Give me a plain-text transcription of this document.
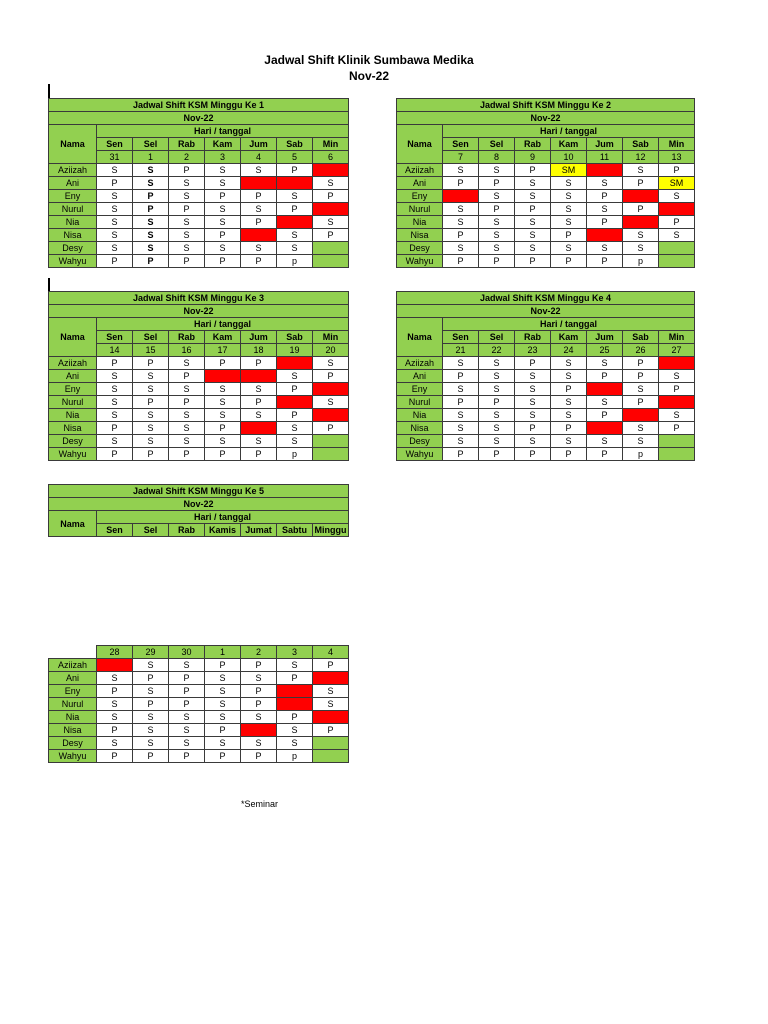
Jadwal Shift Klinik Sumbawa Medika
Nov-22
Jadwal Shift KSM Minggu Ke 1							
Nov-22							
Nama	Hari / tanggal						
	Sen	Sel	Rab	Kam	Jum	Sab	Min
	31	1	2	3	4	5	6
Aziizah	S	S	P	S	S	P	
Ani	P	S	S	S			S
Eny	S	P	S	P	P	S	P
Nurul	S	P	P	S	S	P	
Nia	S	S	S	S	P		S
Nisa	S	S	S	P		S	P
Desy	S	S	S	S	S	S	
Wahyu	P	P	P	P	P	p	
Jadwal Shift KSM Minggu Ke 2							
Nov-22							
Nama	Hari / tanggal						
	Sen	Sel	Rab	Kam	Jum	Sab	Min
	7	8	9	10	11	12	13
Aziizah	S	S	P	SM		S	P
Ani	P	P	S	S	S	P	SM
Eny		S	S	S	P		S
Nurul	S	P	P	S	S	P	
Nia	S	S	S	S	P		P
Nisa	P	S	S	P		S	S
Desy	S	S	S	S	S	S	
Wahyu	P	P	P	P	P	p	
Jadwal Shift KSM Minggu Ke 3							
Nov-22							
Nama	Hari / tanggal						
	Sen	Sel	Rab	Kam	Jum	Sab	Min
	14	15	16	17	18	19	20
Aziizah	P	P	S	P	P		S
Ani	S	S	P			S	P
Eny	S	S	S	S	S	P	
Nurul	S	P	P	S	P		S
Nia	S	S	S	S	S	P	
Nisa	P	S	S	P		S	P
Desy	S	S	S	S	S	S	
Wahyu	P	P	P	P	P	p	
Jadwal Shift KSM Minggu Ke 4							
Nov-22							
Nama	Hari / tanggal						
	Sen	Sel	Rab	Kam	Jum	Sab	Min
	21	22	23	24	25	26	27
Aziizah	S	S	P	S	S	P	
Ani	P	S	S	S	P	P	S
Eny	S	S	S	P		S	P
Nurul	P	P	S	S	S	P	
Nia	S	S	S	S	P		S
Nisa	S	S	P	P		S	P
Desy	S	S	S	S	S	S	
Wahyu	P	P	P	P	P	p	
Jadwal Shift KSM Minggu Ke 5							
Nov-22							
Nama	Hari / tanggal						
	Sen	Sel	Rab	Kamis	Jumat	Sabtu	Minggu
	28	29	30	1	2	3	4
Aziizah		S	S	P	P	S	P
Ani	S	P	P	S	S	P	
Eny	P	S	P	S	P		S
Nurul	S	P	P	S	P		S
Nia	S	S	S	S	S	P	
Nisa	P	S	S	P		S	P
Desy	S	S	S	S	S	S	
Wahyu	P	P	P	P	P	p	
*Seminar
